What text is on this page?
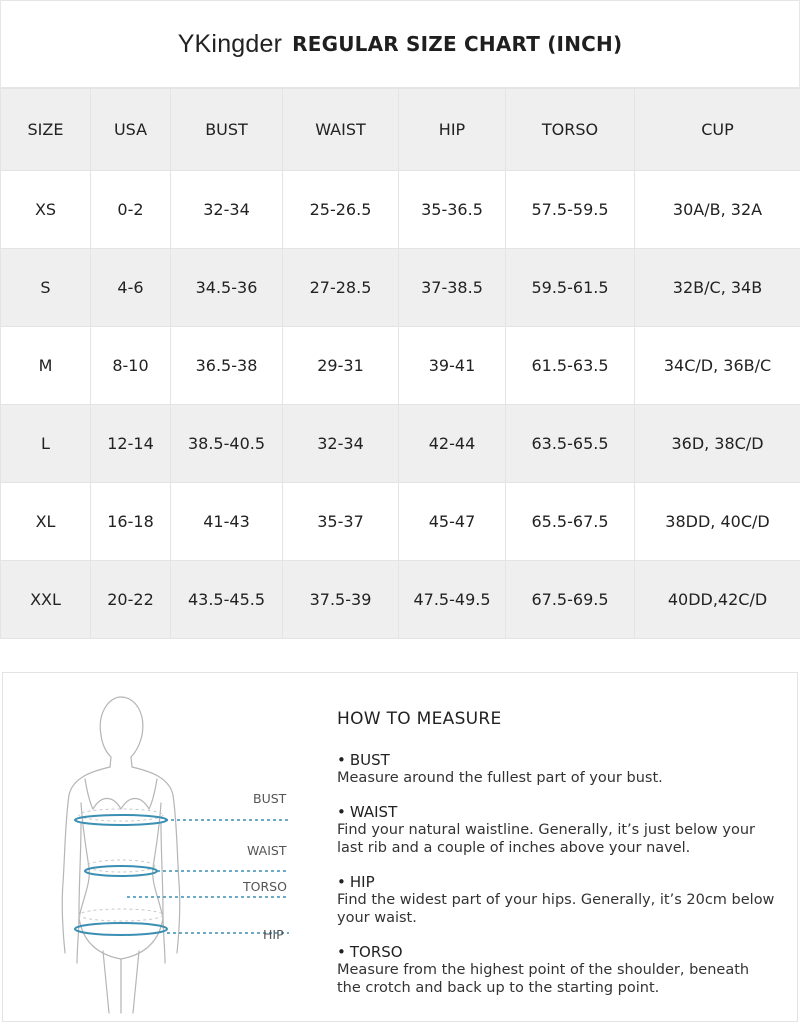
YKingder REGULAR SIZE CHART (INCH)
SIZE	USA	BUST	WAIST	HIP	TORSO	CUP
XS	0-2	32-34	25-26.5	35-36.5	57.5-59.5	30A/B, 32A
S	4-6	34.5-36	27-28.5	37-38.5	59.5-61.5	32B/C, 34B
M	8-10	36.5-38	29-31	39-41	61.5-63.5	34C/D, 36B/C
L	12-14	38.5-40.5	32-34	42-44	63.5-65.5	36D, 38C/D
XL	16-18	41-43	35-37	45-47	65.5-67.5	38DD, 40C/D
XXL	20-22	43.5-45.5	37.5-39	47.5-49.5	67.5-69.5	40DD,42C/D
BUST
WAIST
TORSO
HIP
HOW TO MEASURE
• BUST
Measure around the fullest part of your bust.
• WAIST
Find your natural waistline. Generally, it’s just below your
last rib and a couple of inches above your navel.
• HIP
Find the widest part of your hips. Generally, it’s 20cm below
your waist.
• TORSO
Measure from the highest point of the shoulder, beneath
the crotch and back up to the starting point.
